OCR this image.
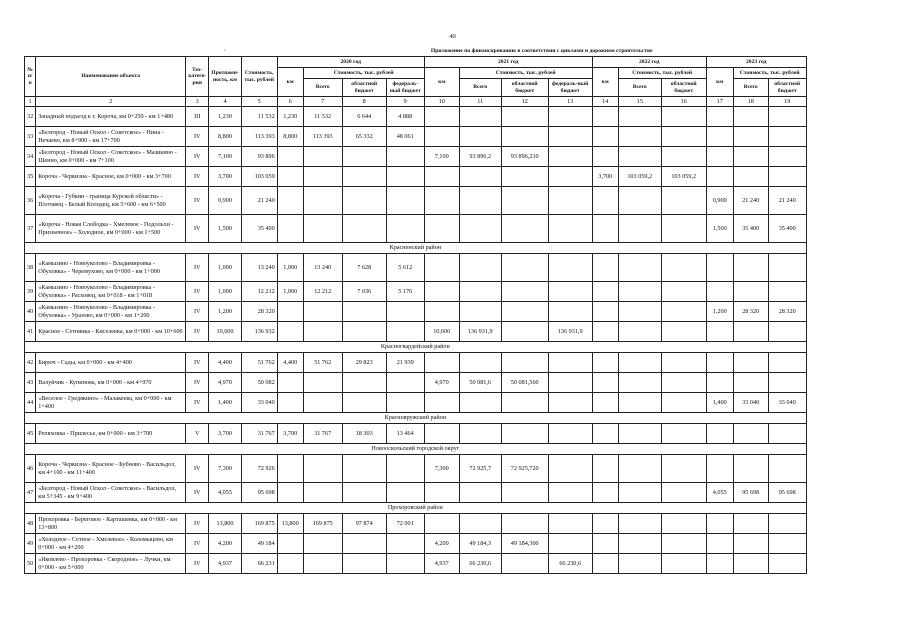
40
			·		Приложение по финансированию в соответствии с циклами и дорожном строительстве													
№ п/п	Наименование объекта	Тех-катего-рия	Протяжен-ность, км	Стоимость, тыс. рублей	2020 год				2021 год				2022 год			2023 год		
					км	Стоимость, тыс. рублей			км	Стоимость, тыс. рублей			км	Стоимость, тыс. рублей		км	Стоимость, тыс. рублей	
						Всего	областной бюджет	федераль-ный бюджет		Всего	областной бюджет	федераль-ный бюджет		Всего	областной бюджет		Всего	областной бюджет
1	2	3	4	5	6	7	8	9	10	11	12	13	14	15	16	17	18	19
32	Западный подъезд к г. Короча, км 0+250 - км 1+480	III	1,230	11 532	1,230	11 532	6 644	4 888										
33	«Белгород - Новый Оскол - Советское» - Нина - Нечаево, км 8+900 - км 17+700	IV	8,800	113 393	8,800	113 393	65 332	48 061										
34	«Белгород - Новый Оскол - Советское» - Мазикино - Шеино, км 0+000 - км 7+100	IV	7,100	93 896					7,100	93 896,2	93 896,210							
35	Короча - Черкизна - Красное, км 0+000 - км 3+700	IV	3,700	103 059									3,700	103 059,2	103 059,2			
36	«Короча - Губкин - граница Курской области» - Плотавец - Белый Колодец, км 5+600 - км 6+500	IV	0,900	21 240												0,900	21 240	21 240
37	«Короча - Новая Слободка - Хмелевое - Подольхи - Призначное» - Холодное, км 0+000 - км 1+500	IV	1,500	35 400												1,500	35 400	35 400
Красненский район																		
38	«Камызино - Новоуколово - Владимировка - Обуховка» - Черемухово, км 0+000 - км 1+000	IV	1,000	13 240	1,000	13 240	7 628	5 612										
39	«Камызино - Новоуколово - Владимировка - Обуховка» - Расховец, км 0+018 - км 1+018	IV	1,000	12 212	1,000	12 212	7 036	5 176										
40	«Камызино - Новоуколово - Владимировка - Обуховка» - Уразово, км 0+000 - км 1+200	IV	1,200	28 320												1,200	28 320	28 320
41	Красное - Сетнянка - Киселевка, км 0+000 - км 10+600	IV	10,600	136 932					10,600	136 931,9		136 931,9						
Красногвардейский район																		
42	Бирюч - Сады, км 0+000 - км 4+400	IV	4,400	51 762	4,400	51 762	29 823	21 939										
43	Валуйчик - Купинова, км 0+000 - км 4+970	IV	4,970	50 082					4,970	50 081,6	50 081,560							
44	«Веселое - Гредякино» - Малакеева, км 0+000 - км 1+400	IV	1,400	33 040												1,400	33 040	33 040
Краснояружский район																		
45	Репяховка - Прилесье, км 0+000 - км 3+700	V	3,700	31 767	3,700	31 767	18 303	13 464										
Новооскольский городской округ																		
46	Короча - Черкизна - Красное - Бубново - Васильдол, км 4+100 - км 11+400	IV	7,300	72 926					7,300	72 925,7	72 925,720							
47	«Белгород - Новый Оскол - Советское» - Васильдол, км 5+345 - км 9+400	IV	4,055	95 698												4,055	95 698	95 698
Прохоровский район																		
48	Прохоровка - Береговое - Карташевка, км 0+000 - км 13+800	IV	13,800	169 875	13,800	169 875	97 874	72 001										
49	«Холодное - Сетное - Хмелевое» - Коломыцево, км 0+000 - км 4+200	IV	4,200	49 184					4,200	49 184,3	49 184,300							
50	«Яковлево - Прохоровка - Скородное» - Лучки, км 0+000 - км 5+000	IV	4,937	66 231					4,937	66 230,6		66 230,6						
